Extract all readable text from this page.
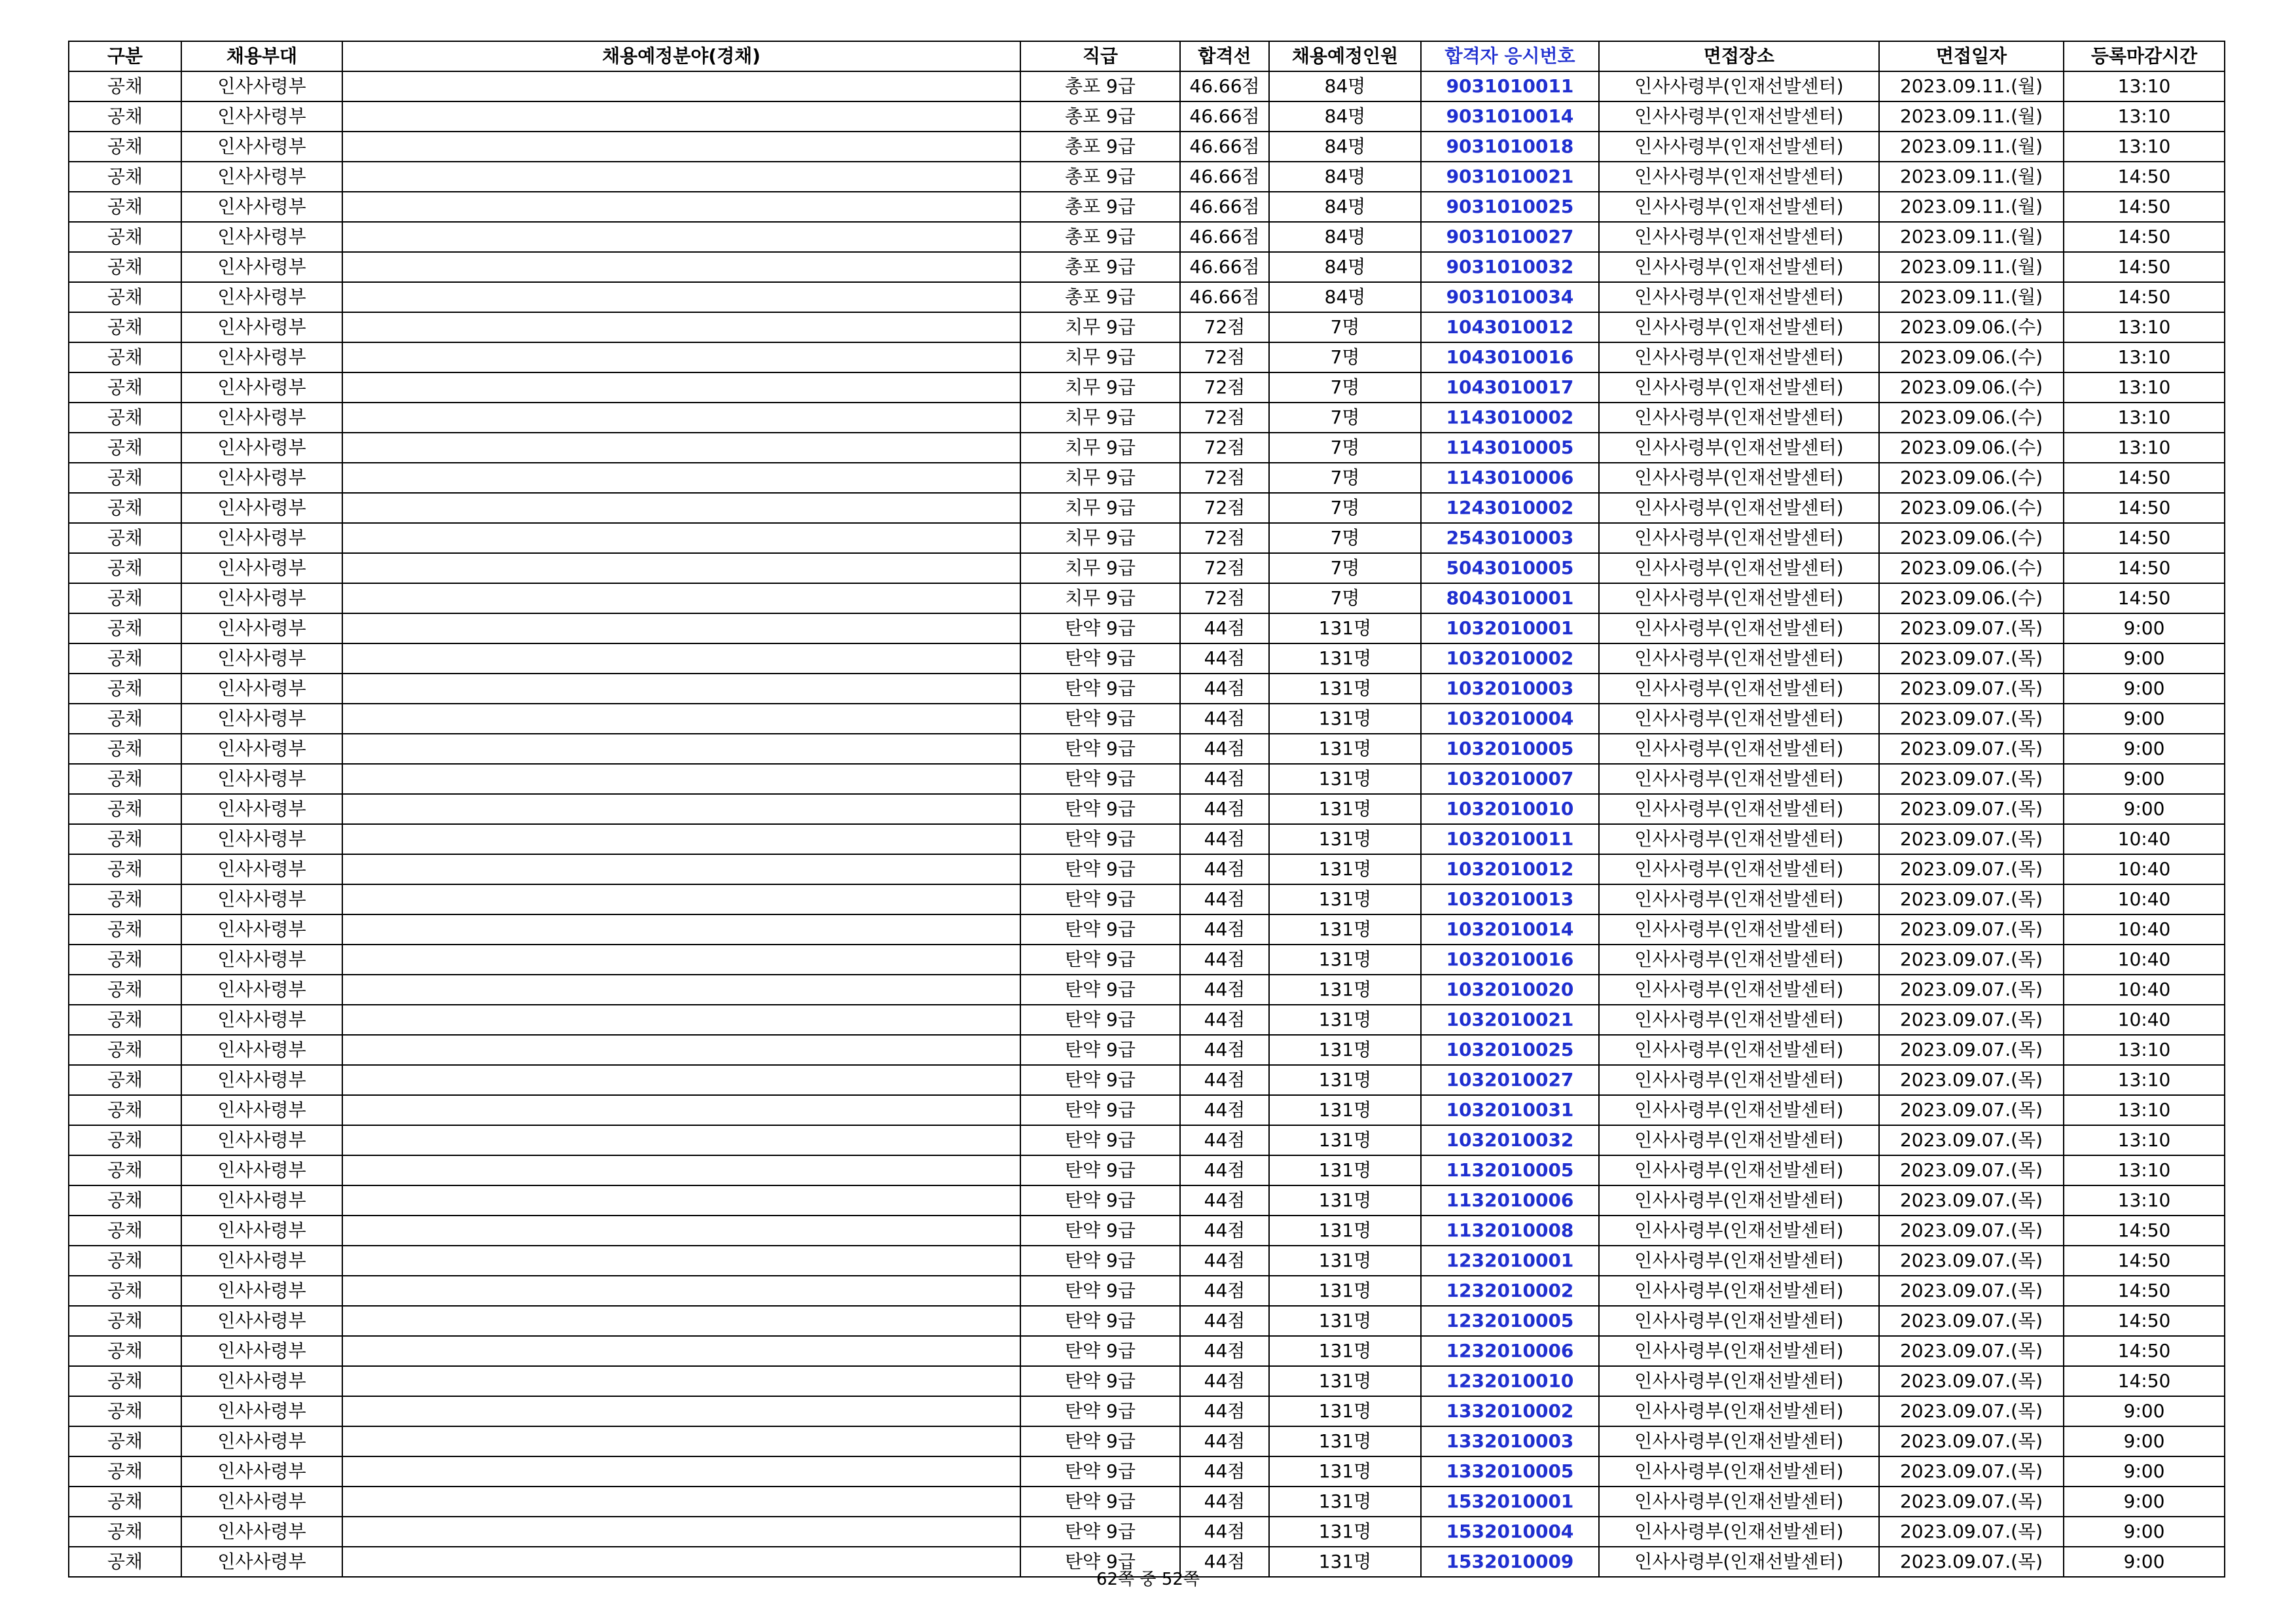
구분	채용부대	채용예정분야(경채)	직급	합격선	채용예정인원	합격자 응시번호	면접장소	면접일자	등록마감시간
공채	인사사령부		총포 9급	46.66점	84명	9031010011	인사사령부(인재선발센터)	2023.09.11.(월)	13:10
공채	인사사령부		총포 9급	46.66점	84명	9031010014	인사사령부(인재선발센터)	2023.09.11.(월)	13:10
공채	인사사령부		총포 9급	46.66점	84명	9031010018	인사사령부(인재선발센터)	2023.09.11.(월)	13:10
공채	인사사령부		총포 9급	46.66점	84명	9031010021	인사사령부(인재선발센터)	2023.09.11.(월)	14:50
공채	인사사령부		총포 9급	46.66점	84명	9031010025	인사사령부(인재선발센터)	2023.09.11.(월)	14:50
공채	인사사령부		총포 9급	46.66점	84명	9031010027	인사사령부(인재선발센터)	2023.09.11.(월)	14:50
공채	인사사령부		총포 9급	46.66점	84명	9031010032	인사사령부(인재선발센터)	2023.09.11.(월)	14:50
공채	인사사령부		총포 9급	46.66점	84명	9031010034	인사사령부(인재선발센터)	2023.09.11.(월)	14:50
공채	인사사령부		치무 9급	72점	7명	1043010012	인사사령부(인재선발센터)	2023.09.06.(수)	13:10
공채	인사사령부		치무 9급	72점	7명	1043010016	인사사령부(인재선발센터)	2023.09.06.(수)	13:10
공채	인사사령부		치무 9급	72점	7명	1043010017	인사사령부(인재선발센터)	2023.09.06.(수)	13:10
공채	인사사령부		치무 9급	72점	7명	1143010002	인사사령부(인재선발센터)	2023.09.06.(수)	13:10
공채	인사사령부		치무 9급	72점	7명	1143010005	인사사령부(인재선발센터)	2023.09.06.(수)	13:10
공채	인사사령부		치무 9급	72점	7명	1143010006	인사사령부(인재선발센터)	2023.09.06.(수)	14:50
공채	인사사령부		치무 9급	72점	7명	1243010002	인사사령부(인재선발센터)	2023.09.06.(수)	14:50
공채	인사사령부		치무 9급	72점	7명	2543010003	인사사령부(인재선발센터)	2023.09.06.(수)	14:50
공채	인사사령부		치무 9급	72점	7명	5043010005	인사사령부(인재선발센터)	2023.09.06.(수)	14:50
공채	인사사령부		치무 9급	72점	7명	8043010001	인사사령부(인재선발센터)	2023.09.06.(수)	14:50
공채	인사사령부		탄약 9급	44점	131명	1032010001	인사사령부(인재선발센터)	2023.09.07.(목)	9:00
공채	인사사령부		탄약 9급	44점	131명	1032010002	인사사령부(인재선발센터)	2023.09.07.(목)	9:00
공채	인사사령부		탄약 9급	44점	131명	1032010003	인사사령부(인재선발센터)	2023.09.07.(목)	9:00
공채	인사사령부		탄약 9급	44점	131명	1032010004	인사사령부(인재선발센터)	2023.09.07.(목)	9:00
공채	인사사령부		탄약 9급	44점	131명	1032010005	인사사령부(인재선발센터)	2023.09.07.(목)	9:00
공채	인사사령부		탄약 9급	44점	131명	1032010007	인사사령부(인재선발센터)	2023.09.07.(목)	9:00
공채	인사사령부		탄약 9급	44점	131명	1032010010	인사사령부(인재선발센터)	2023.09.07.(목)	9:00
공채	인사사령부		탄약 9급	44점	131명	1032010011	인사사령부(인재선발센터)	2023.09.07.(목)	10:40
공채	인사사령부		탄약 9급	44점	131명	1032010012	인사사령부(인재선발센터)	2023.09.07.(목)	10:40
공채	인사사령부		탄약 9급	44점	131명	1032010013	인사사령부(인재선발센터)	2023.09.07.(목)	10:40
공채	인사사령부		탄약 9급	44점	131명	1032010014	인사사령부(인재선발센터)	2023.09.07.(목)	10:40
공채	인사사령부		탄약 9급	44점	131명	1032010016	인사사령부(인재선발센터)	2023.09.07.(목)	10:40
공채	인사사령부		탄약 9급	44점	131명	1032010020	인사사령부(인재선발센터)	2023.09.07.(목)	10:40
공채	인사사령부		탄약 9급	44점	131명	1032010021	인사사령부(인재선발센터)	2023.09.07.(목)	10:40
공채	인사사령부		탄약 9급	44점	131명	1032010025	인사사령부(인재선발센터)	2023.09.07.(목)	13:10
공채	인사사령부		탄약 9급	44점	131명	1032010027	인사사령부(인재선발센터)	2023.09.07.(목)	13:10
공채	인사사령부		탄약 9급	44점	131명	1032010031	인사사령부(인재선발센터)	2023.09.07.(목)	13:10
공채	인사사령부		탄약 9급	44점	131명	1032010032	인사사령부(인재선발센터)	2023.09.07.(목)	13:10
공채	인사사령부		탄약 9급	44점	131명	1132010005	인사사령부(인재선발센터)	2023.09.07.(목)	13:10
공채	인사사령부		탄약 9급	44점	131명	1132010006	인사사령부(인재선발센터)	2023.09.07.(목)	13:10
공채	인사사령부		탄약 9급	44점	131명	1132010008	인사사령부(인재선발센터)	2023.09.07.(목)	14:50
공채	인사사령부		탄약 9급	44점	131명	1232010001	인사사령부(인재선발센터)	2023.09.07.(목)	14:50
공채	인사사령부		탄약 9급	44점	131명	1232010002	인사사령부(인재선발센터)	2023.09.07.(목)	14:50
공채	인사사령부		탄약 9급	44점	131명	1232010005	인사사령부(인재선발센터)	2023.09.07.(목)	14:50
공채	인사사령부		탄약 9급	44점	131명	1232010006	인사사령부(인재선발센터)	2023.09.07.(목)	14:50
공채	인사사령부		탄약 9급	44점	131명	1232010010	인사사령부(인재선발센터)	2023.09.07.(목)	14:50
공채	인사사령부		탄약 9급	44점	131명	1332010002	인사사령부(인재선발센터)	2023.09.07.(목)	9:00
공채	인사사령부		탄약 9급	44점	131명	1332010003	인사사령부(인재선발센터)	2023.09.07.(목)	9:00
공채	인사사령부		탄약 9급	44점	131명	1332010005	인사사령부(인재선발센터)	2023.09.07.(목)	9:00
공채	인사사령부		탄약 9급	44점	131명	1532010001	인사사령부(인재선발센터)	2023.09.07.(목)	9:00
공채	인사사령부		탄약 9급	44점	131명	1532010004	인사사령부(인재선발센터)	2023.09.07.(목)	9:00
공채	인사사령부		탄약 9급	44점	131명	1532010009	인사사령부(인재선발센터)	2023.09.07.(목)	9:00
62쪽 중 52쪽
